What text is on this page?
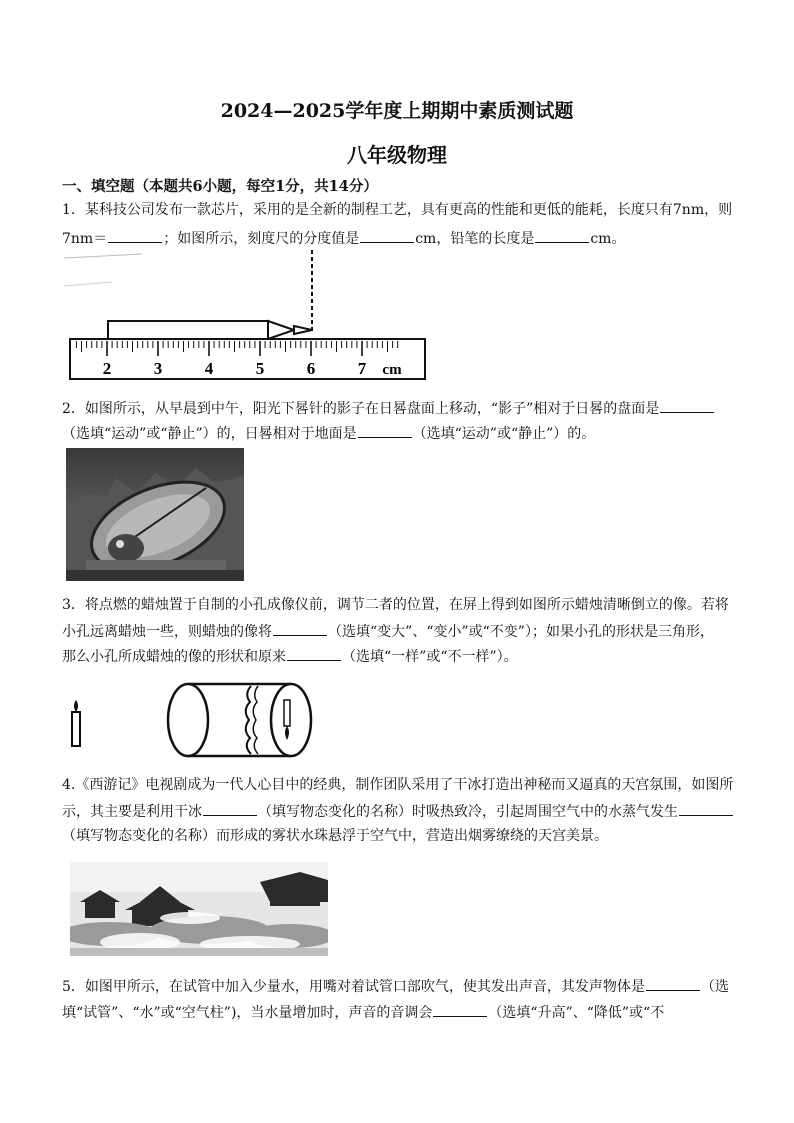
2024—2025学年度上期期中素质测试题
八年级物理
一、填空题（本题共6小题，每空1分，共14分）
1．某科技公司发布一款芯片，采用的是全新的制程工艺，具有更高的性能和更低的能耗，长度只有7nm，则
7nm＝	；如图所示，刻度尺的分度值是	cm，铅笔的长度是	cm。
2	3	4	5	6	7 cm
2．如图所示，从早晨到中午，阳光下晷针的影子在日晷盘面上移动，“影子”相对于日晷的盘面是
（选填“运动”或“静止”）的，日晷相对于地面是	（选填“运动”或“静止”）的。
3．将点燃的蜡烛置于自制的小孔成像仪前，调节二者的位置，在屏上得到如图所示蜡烛清晰倒立的像。若将
小孔远离蜡烛一些，则蜡烛的像将	（选填“变大”、“变小”或“不变”）；如果小孔的形状是三角形，
那么小孔所成蜡烛的像的形状和原来	（选填“一样”或“不一样”）。
4.《西游记》电视剧成为一代人心目中的经典，制作团队采用了干冰打造出神秘而又逼真的天宫氛围，如图所
示，其主要是利用干冰	（填写物态变化的名称）时吸热致冷，引起周围空气中的水蒸气发生
（填写物态变化的名称）而形成的雾状水珠悬浮于空气中，营造出烟雾缭绕的天宫美景。
5．如图甲所示，在试管中加入少量水，用嘴对着试管口部吹气，使其发出声音，其发声物体是	（选
填“试管”、“水”或“空气柱”)，当水量增加时，声音的音调会	（选填“升高”、“降低”或“不
